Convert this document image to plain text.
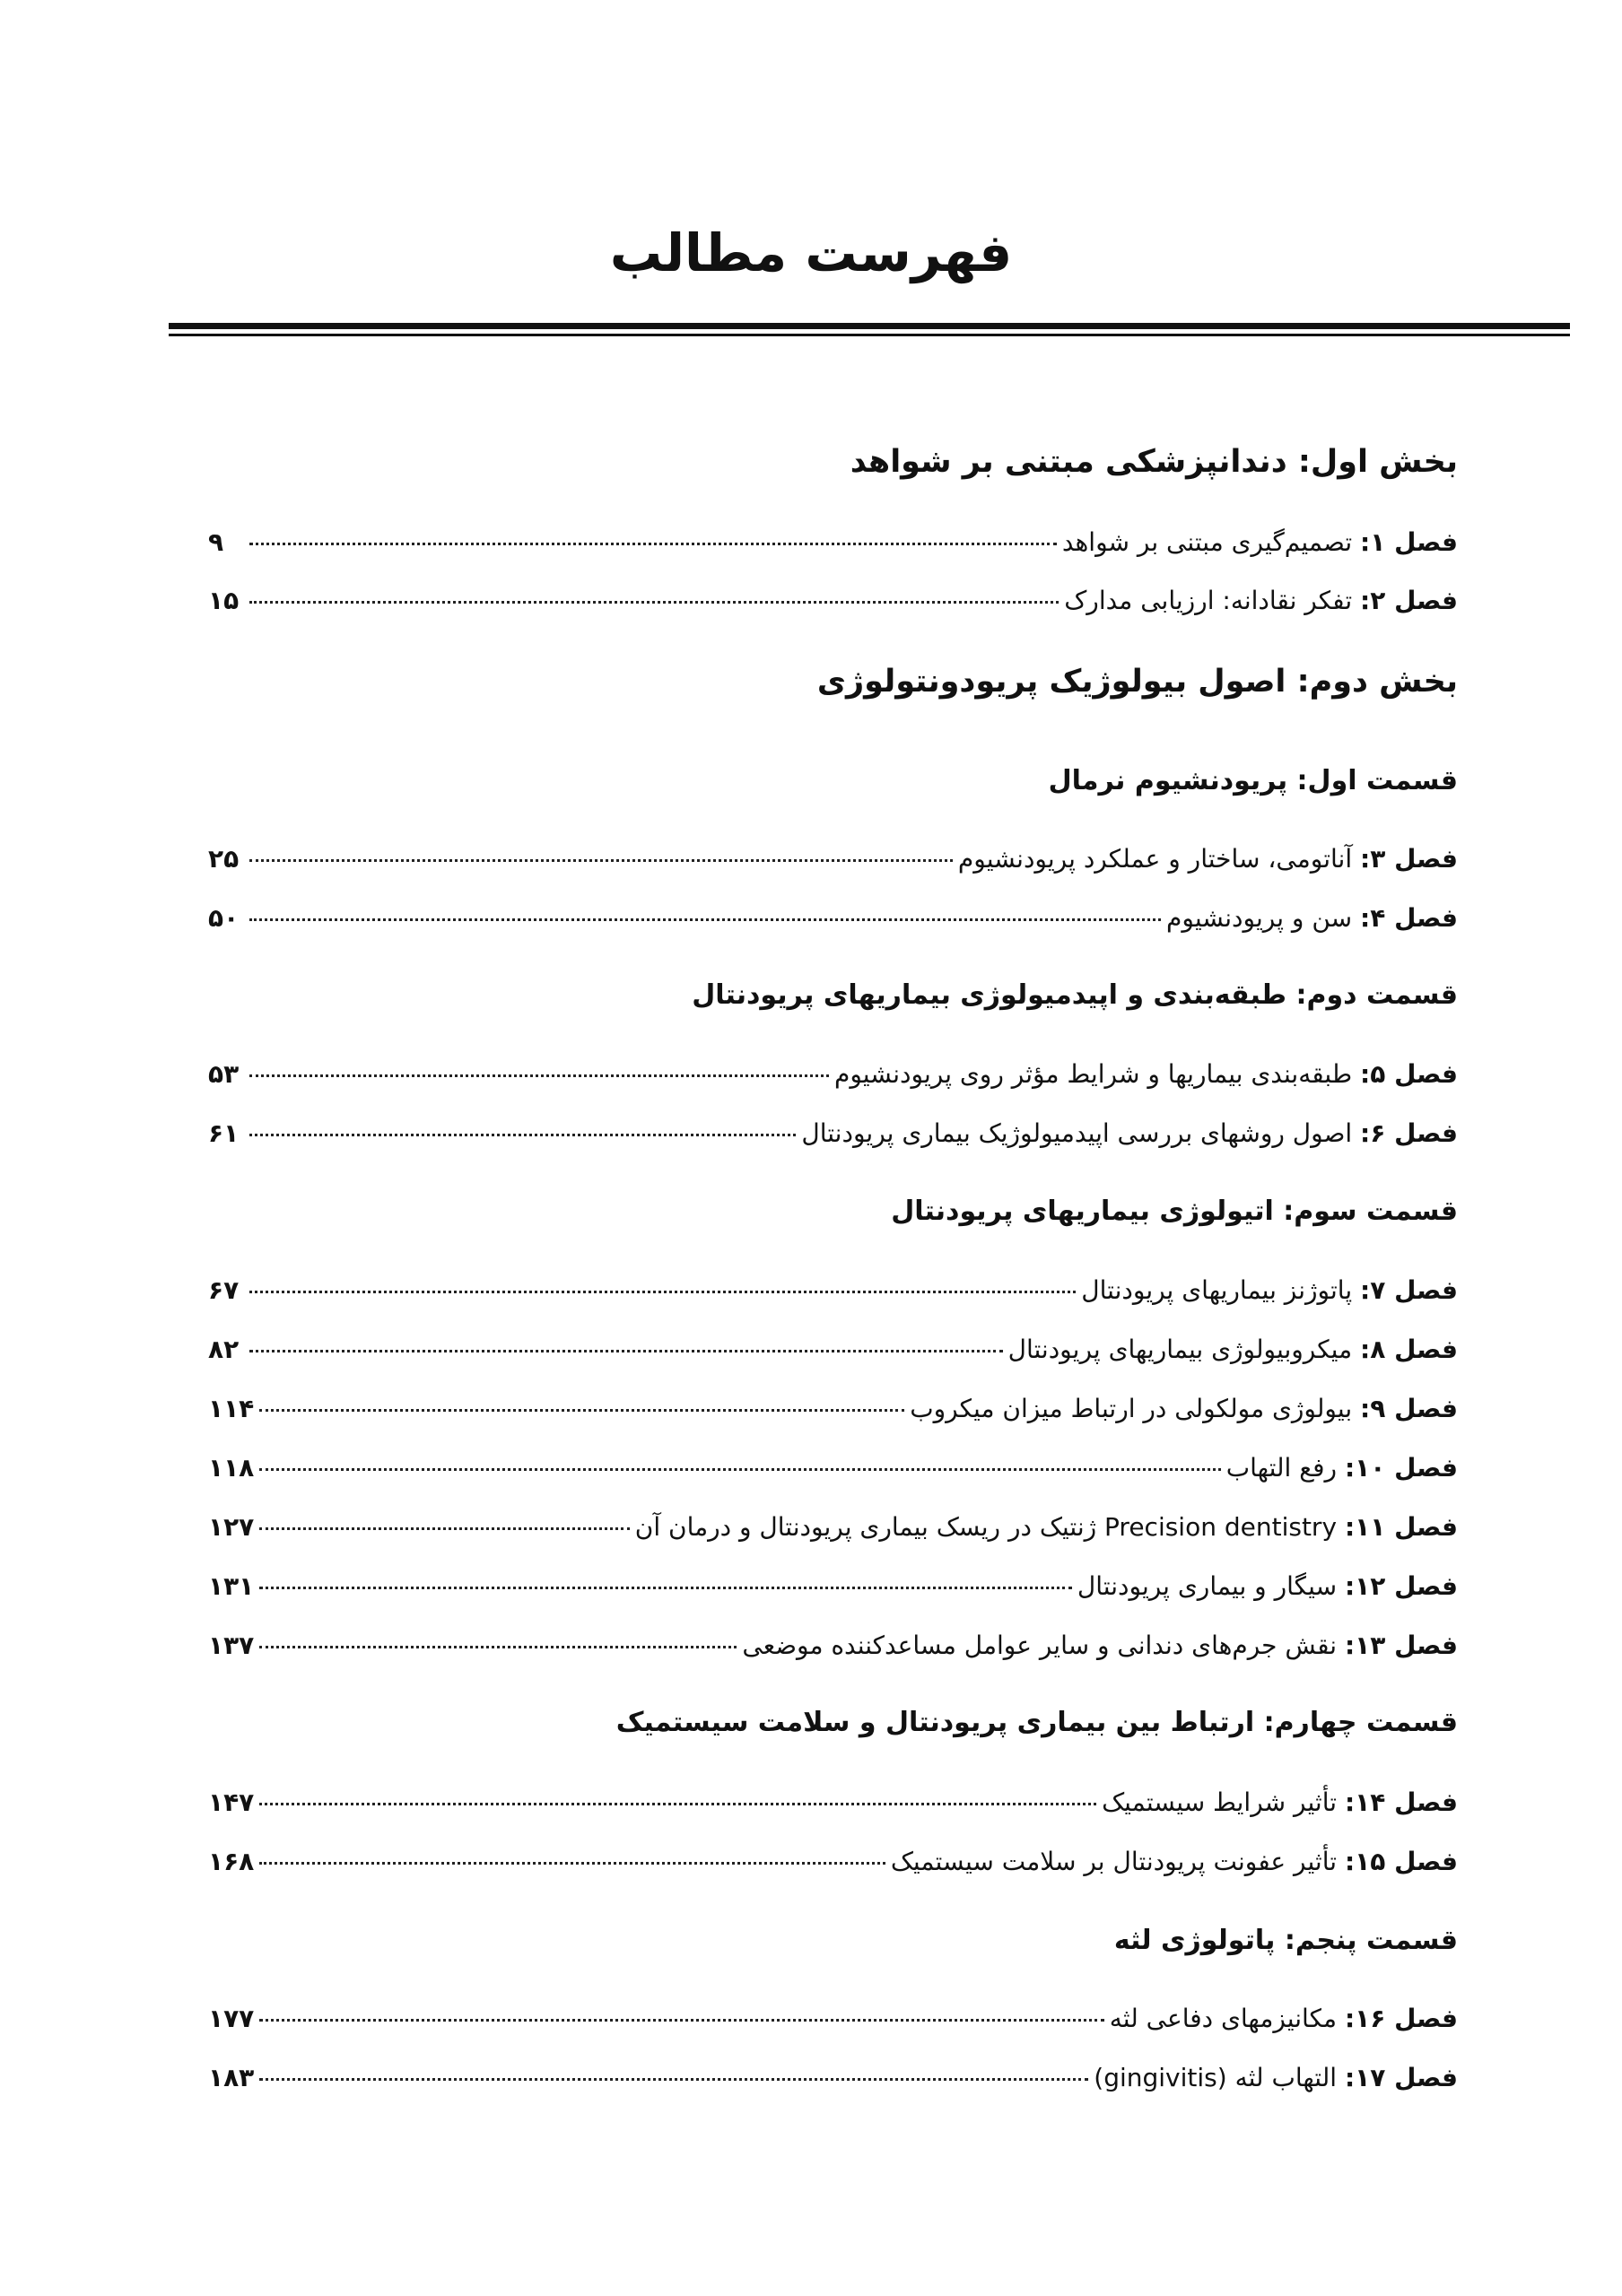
فهرست مطالب
بخش اول: دندانپزشکی مبتنی بر شواهد
فصل ۱: تصمیم‌گیری مبتنی بر شواهد
۹
فصل ۲: تفکر نقادانه: ارزیابی مدارک
۱۵
بخش دوم: اصول بیولوژیک پریودونتولوژی
قسمت اول: پریودنشیوم نرمال
فصل ۳: آناتومی، ساختار و عملکرد پریودنشیوم
۲۵
فصل ۴: سن و پریودنشیوم
۵۰
قسمت دوم: طبقه‌بندی و اپیدمیولوژی بیماریهای پریودنتال
فصل ۵: طبقه‌بندی بیماریها و شرایط مؤثر روی پریودنشیوم
۵۳
فصل ۶: اصول روشهای بررسی اپیدمیولوژیک بیماری پریودنتال
۶۱
قسمت سوم: اتیولوژی بیماریهای پریودنتال
فصل ۷: پاتوژنز بیماریهای پریودنتال
۶۷
فصل ۸: میکروبیولوژی بیماریهای پریودنتال
۸۲
فصل ۹: بیولوژی مولکولی در ارتباط میزان میکروب
۱۱۴
فصل ۱۰: رفع التهاب
۱۱۸
فصل ۱۱: Precision dentistry ژنتیک در ریسک بیماری پریودنتال و درمان آن
۱۲۷
فصل ۱۲: سیگار و بیماری پریودنتال
۱۳۱
فصل ۱۳: نقش جرم‌های دندانی و سایر عوامل مساعدکننده موضعی
۱۳۷
قسمت چهارم: ارتباط بین بیماری پریودنتال و سلامت سیستمیک
فصل ۱۴: تأثیر شرایط سیستمیک
۱۴۷
فصل ۱۵: تأثیر عفونت پریودنتال بر سلامت سیستمیک
۱۶۸
قسمت پنجم: پاتولوژی لثه
فصل ۱۶: مکانیزمهای دفاعی لثه
۱۷۷
فصل ۱۷: التهاب لثه (gingivitis)
۱۸۳
